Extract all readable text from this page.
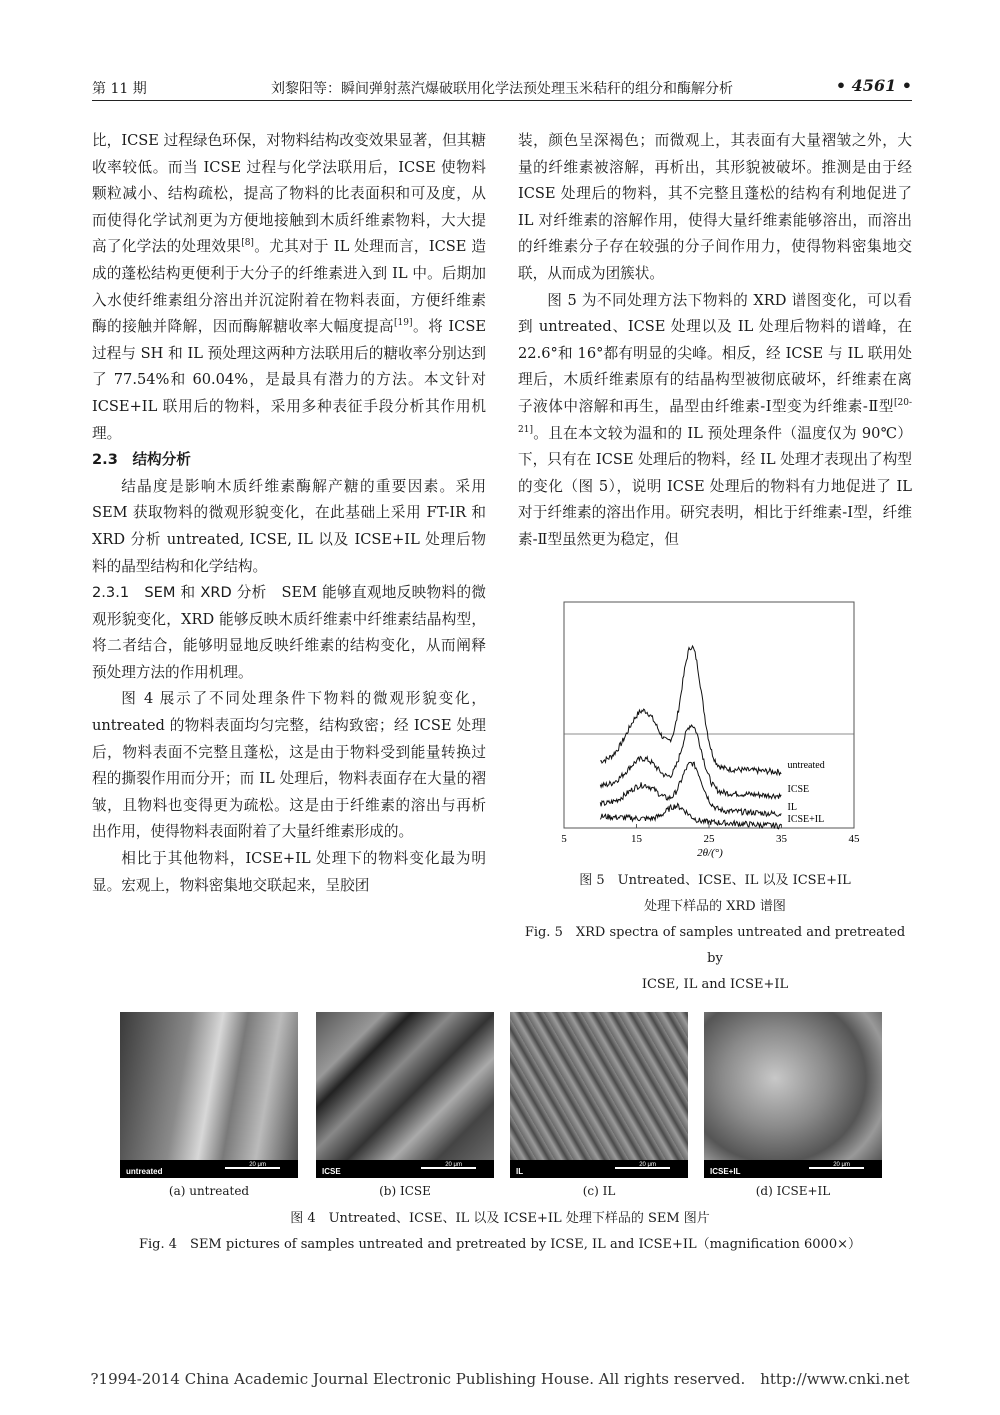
第 11 期	刘黎阳等：瞬间弹射蒸汽爆破联用化学法预处理玉米秸秆的组分和酶解分析	• 4561 •

比，ICSE 过程绿色环保，对物料结构改变效果显著，但其糖收率较低。而当 ICSE 过程与化学法联用后，ICSE 使物料颗粒减小、结构疏松，提高了物料的比表面积和可及度，从而使得化学试剂更为方便地接触到木质纤维素物料，大大提高了化学法的处理效果[8]。尤其对于 IL 处理而言，ICSE 造成的蓬松结构更便利于大分子的纤维素进入到 IL 中。后期加入水使纤维素组分溶出并沉淀附着在物料表面，方便纤维素酶的接触并降解，因而酶解糖收率大幅度提高[19]。将 ICSE 过程与 SH 和 IL 预处理这两种方法联用后的糖收率分别达到了 77.54%和 60.04%，是最具有潜力的方法。本文针对 ICSE+IL 联用后的物料，采用多种表征手段分析其作用机理。

2.3　结构分析

结晶度是影响木质纤维素酶解产糖的重要因素。采用 SEM 获取物料的微观形貌变化，在此基础上采用 FT-IR 和 XRD 分析 untreated, ICSE, IL 以及 ICSE+IL 处理后物料的晶型结构和化学结构。

2.3.1　SEM 和 XRD 分析　SEM 能够直观地反映物料的微观形貌变化，XRD 能够反映木质纤维素中纤维素结晶构型，将二者结合，能够明显地反映纤维素的结构变化，从而阐释预处理方法的作用机理。

图 4 展示了不同处理条件下物料的微观形貌变化，untreated 的物料表面均匀完整，结构致密；经 ICSE 处理后，物料表面不完整且蓬松，这是由于物料受到能量转换过程的撕裂作用而分开；而 IL 处理后，物料表面存在大量的褶皱，且物料也变得更为疏松。这是由于纤维素的溶出与再析出作用，使得物料表面附着了大量纤维素形成的。

相比于其他物料，ICSE+IL 处理下的物料变化最为明显。宏观上，物料密集地交联起来，呈胶团

装，颜色呈深褐色；而微观上，其表面有大量褶皱之外，大量的纤维素被溶解，再析出，其形貌被破坏。推测是由于经 ICSE 处理后的物料，其不完整且蓬松的结构有利地促进了 IL 对纤维素的溶解作用，使得大量纤维素能够溶出，而溶出的纤维素分子存在较强的分子间作用力，使得物料密集地交联，从而成为团簇状。

图 5 为不同处理方法下物料的 XRD 谱图变化，可以看到 untreated、ICSE 处理以及 IL 处理后物料的谱峰，在 22.6°和 16°都有明显的尖峰。相反，经 ICSE 与 IL 联用处理后，木质纤维素原有的结晶构型被彻底破坏，纤维素在离子液体中溶解和再生，晶型由纤维素-Ⅰ型变为纤维素-Ⅱ型[20-21]。且在本文较为温和的 IL 预处理条件（温度仅为 90℃）下，只有在 ICSE 处理后的物料，经 IL 处理才表现出了构型的变化（图 5），说明 ICSE 处理后的物料有力地促进了 IL 对于纤维素的溶出作用。研究表明，相比于纤维素-Ⅰ型，纤维素-Ⅱ型虽然更为稳定，但

untreated
ICSE
IL
ICSE+IL
5	15	25	35	45
2θ/(°)
图 5　Untreated、ICSE、IL 以及 ICSE+IL
处理下样品的 XRD 谱图
Fig. 5　XRD spectra of samples untreated and pretreated by
ICSE, IL and ICSE+IL
untreated
20 μm
(a) untreated
ICSE
20 μm
(b) ICSE
IL
20 μm
(c) IL
ICSE+IL
20 μm
(d) ICSE+IL
图 4　Untreated、ICSE、IL 以及 ICSE+IL 处理下样品的 SEM 图片
Fig. 4　SEM pictures of samples untreated and pretreated by ICSE, IL and ICSE+IL（magnification 6000×）
?1994-2014 China Academic Journal Electronic Publishing House. All rights reserved.　http://www.cnki.net
